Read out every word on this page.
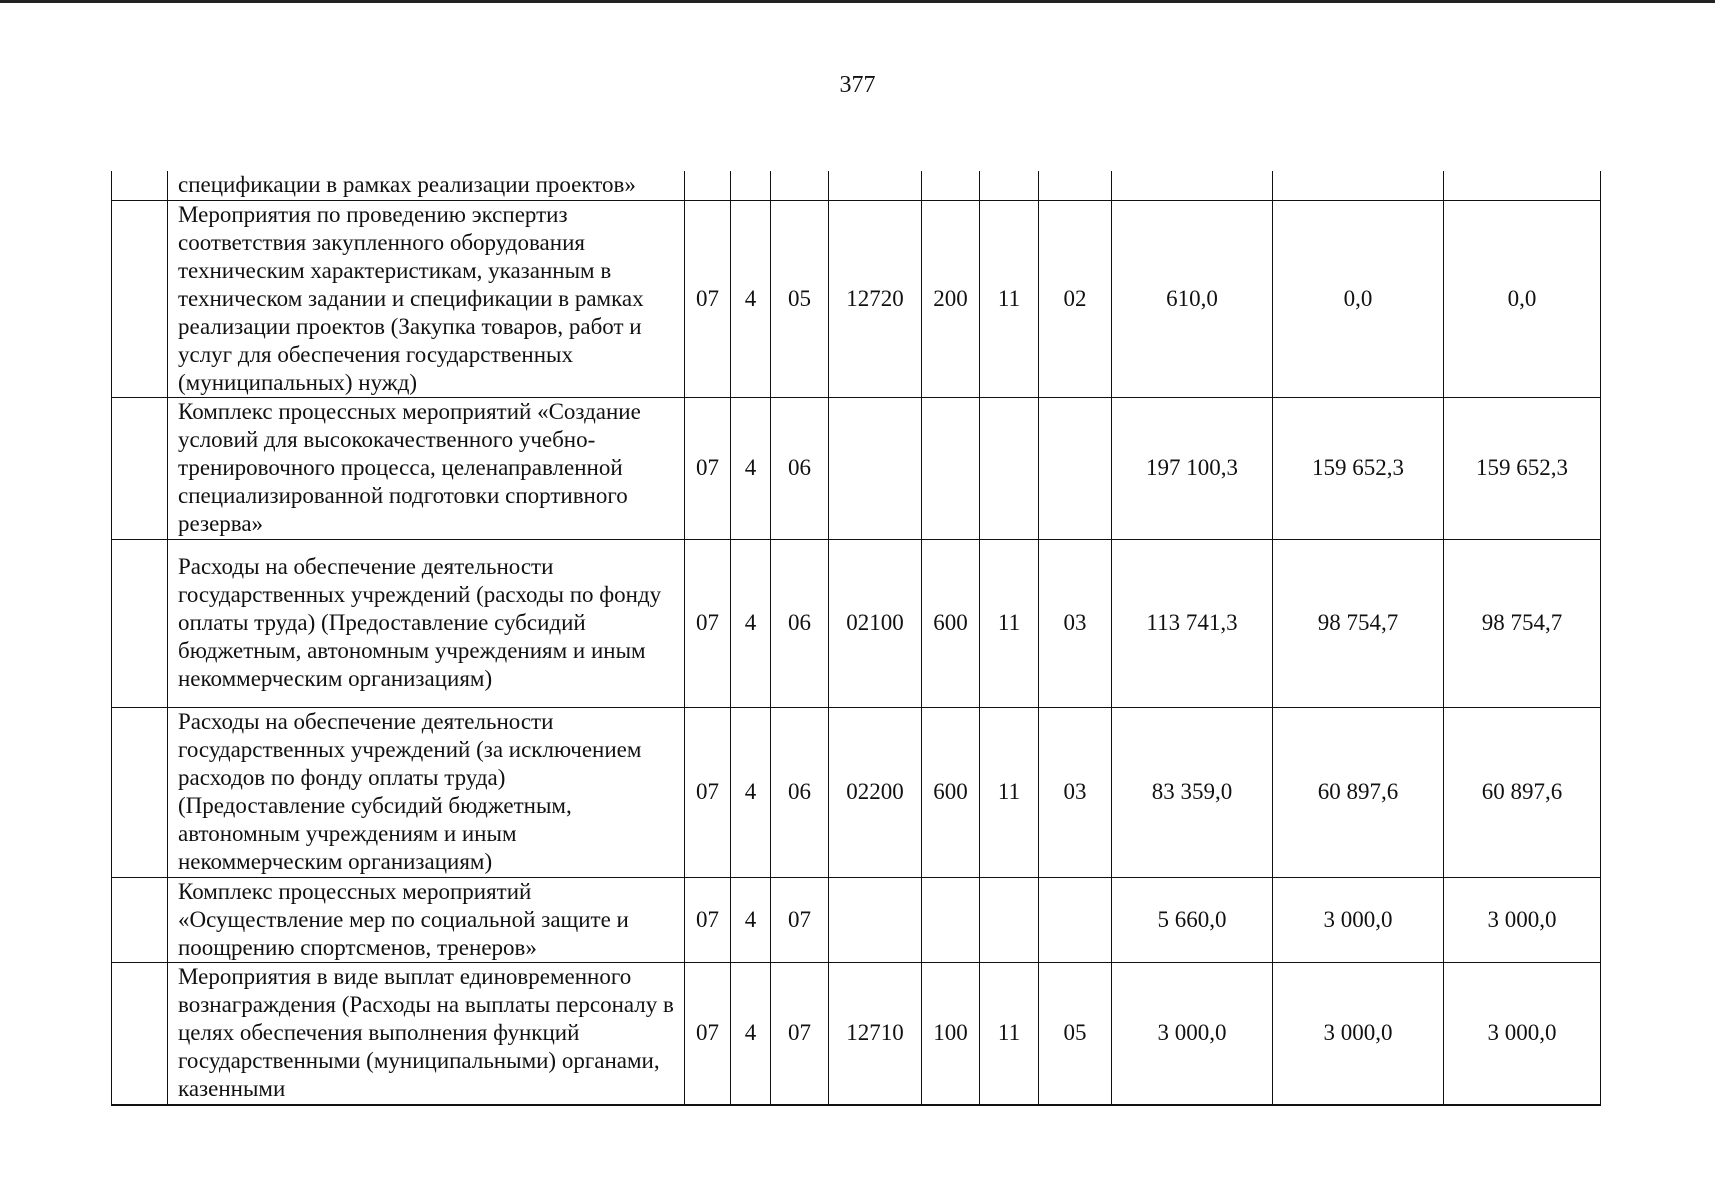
377
	спецификации в рамках реализации проектов»										
	Мероприятия по проведению экспертиз соответствия закупленного оборудования техническим характеристикам, указанным в техническом задании и спецификации в рамках реализации проектов (Закупка товаров, работ и услуг для обеспечения государственных (муниципальных) нужд)	07	4	05	12720	200	11	02	610,0	0,0	0,0
	Комплекс процессных мероприятий «Создание условий для высококачественного учебно-тренировочного процесса, целенаправленной специализированной подготовки спортивного резерва»	07	4	06					197 100,3	159 652,3	159 652,3
	Расходы на обеспечение деятельности государственных учреждений (расходы по фонду оплаты труда) (Предоставление субсидий бюджетным, автономным учреждениям и иным некоммерческим организациям)	07	4	06	02100	600	11	03	113 741,3	98 754,7	98 754,7
	Расходы на обеспечение деятельности государственных учреждений (за исключением расходов по фонду оплаты труда) (Предоставление субсидий бюджетным, автономным учреждениям и иным некоммерческим организациям)	07	4	06	02200	600	11	03	83 359,0	60 897,6	60 897,6
	Комплекс процессных мероприятий «Осуществление мер по социальной защите и поощрению спортсменов, тренеров»	07	4	07					5 660,0	3 000,0	3 000,0
	Мероприятия в виде выплат единовременного вознаграждения (Расходы на выплаты персоналу в целях обеспечения выполнения функций государственными (муниципальными) органами, казенными	07	4	07	12710	100	11	05	3 000,0	3 000,0	3 000,0
